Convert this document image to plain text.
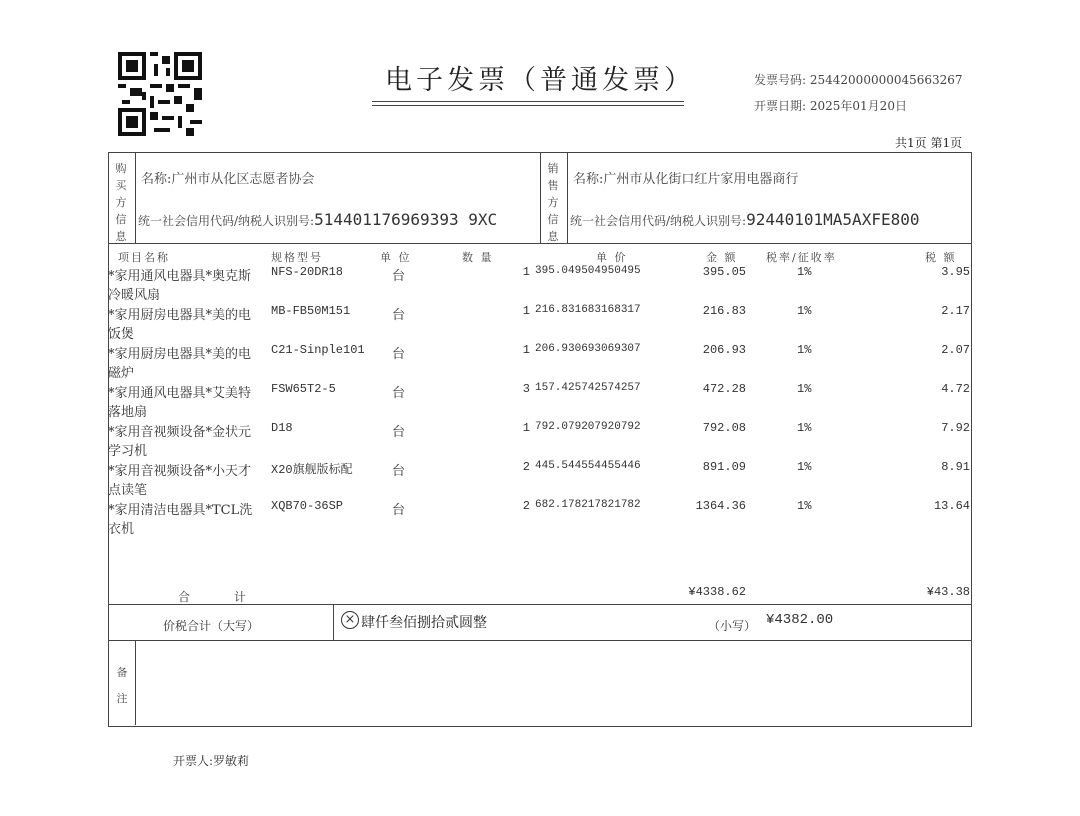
电子发票（普通发票）	发票号码: 25442000000045663267
开票日期: 2025年01月20日
共1页 第1页
购买方信息
名称:广州市从化区志愿者协会
统一社会信用代码/纳税人识别号:514401176969393 9XC
销售方信息
名称:广州市从化街口红片家用电器商行
统一社会信用代码/纳税人识别号:92440101MA5AXFE800
项目名称	规格型号	单 位	数 量	单 价	金 额	税率/征收率	税 额
*家用通风电器具*奥克斯
冷暖风扇
NFS-20DR18	台	1 395.049504950495	395.05	1%	3.95
*家用厨房电器具*美的电
饭煲
MB-FB50M151	台	1 216.831683168317	216.83	1%	2.17
*家用厨房电器具*美的电
磁炉
C21-Sinple101 台	1 206.930693069307	206.93	1%	2.07
*家用通风电器具*艾美特
落地扇
FSW65T2-5	台	3 157.425742574257	472.28	1%	4.72
*家用音视频设备*金状元
学习机
D18	台	1 792.079207920792	792.08	1%	7.92
*家用音视频设备*小天才
点读笔
X20旗舰版标配	台	2 445.544554455446	891.09	1%	8.91
*家用清洁电器具*TCL洗
衣机
XQB70-36SP	台	2 682.178217821782	1364.36	1%	13.64
合　　　计	¥4338.62	¥43.38
价税合计（大写）	× 肆仟叁佰捌拾贰圆整	（小写） ¥4382.00
备注
开票人:罗敏莉
